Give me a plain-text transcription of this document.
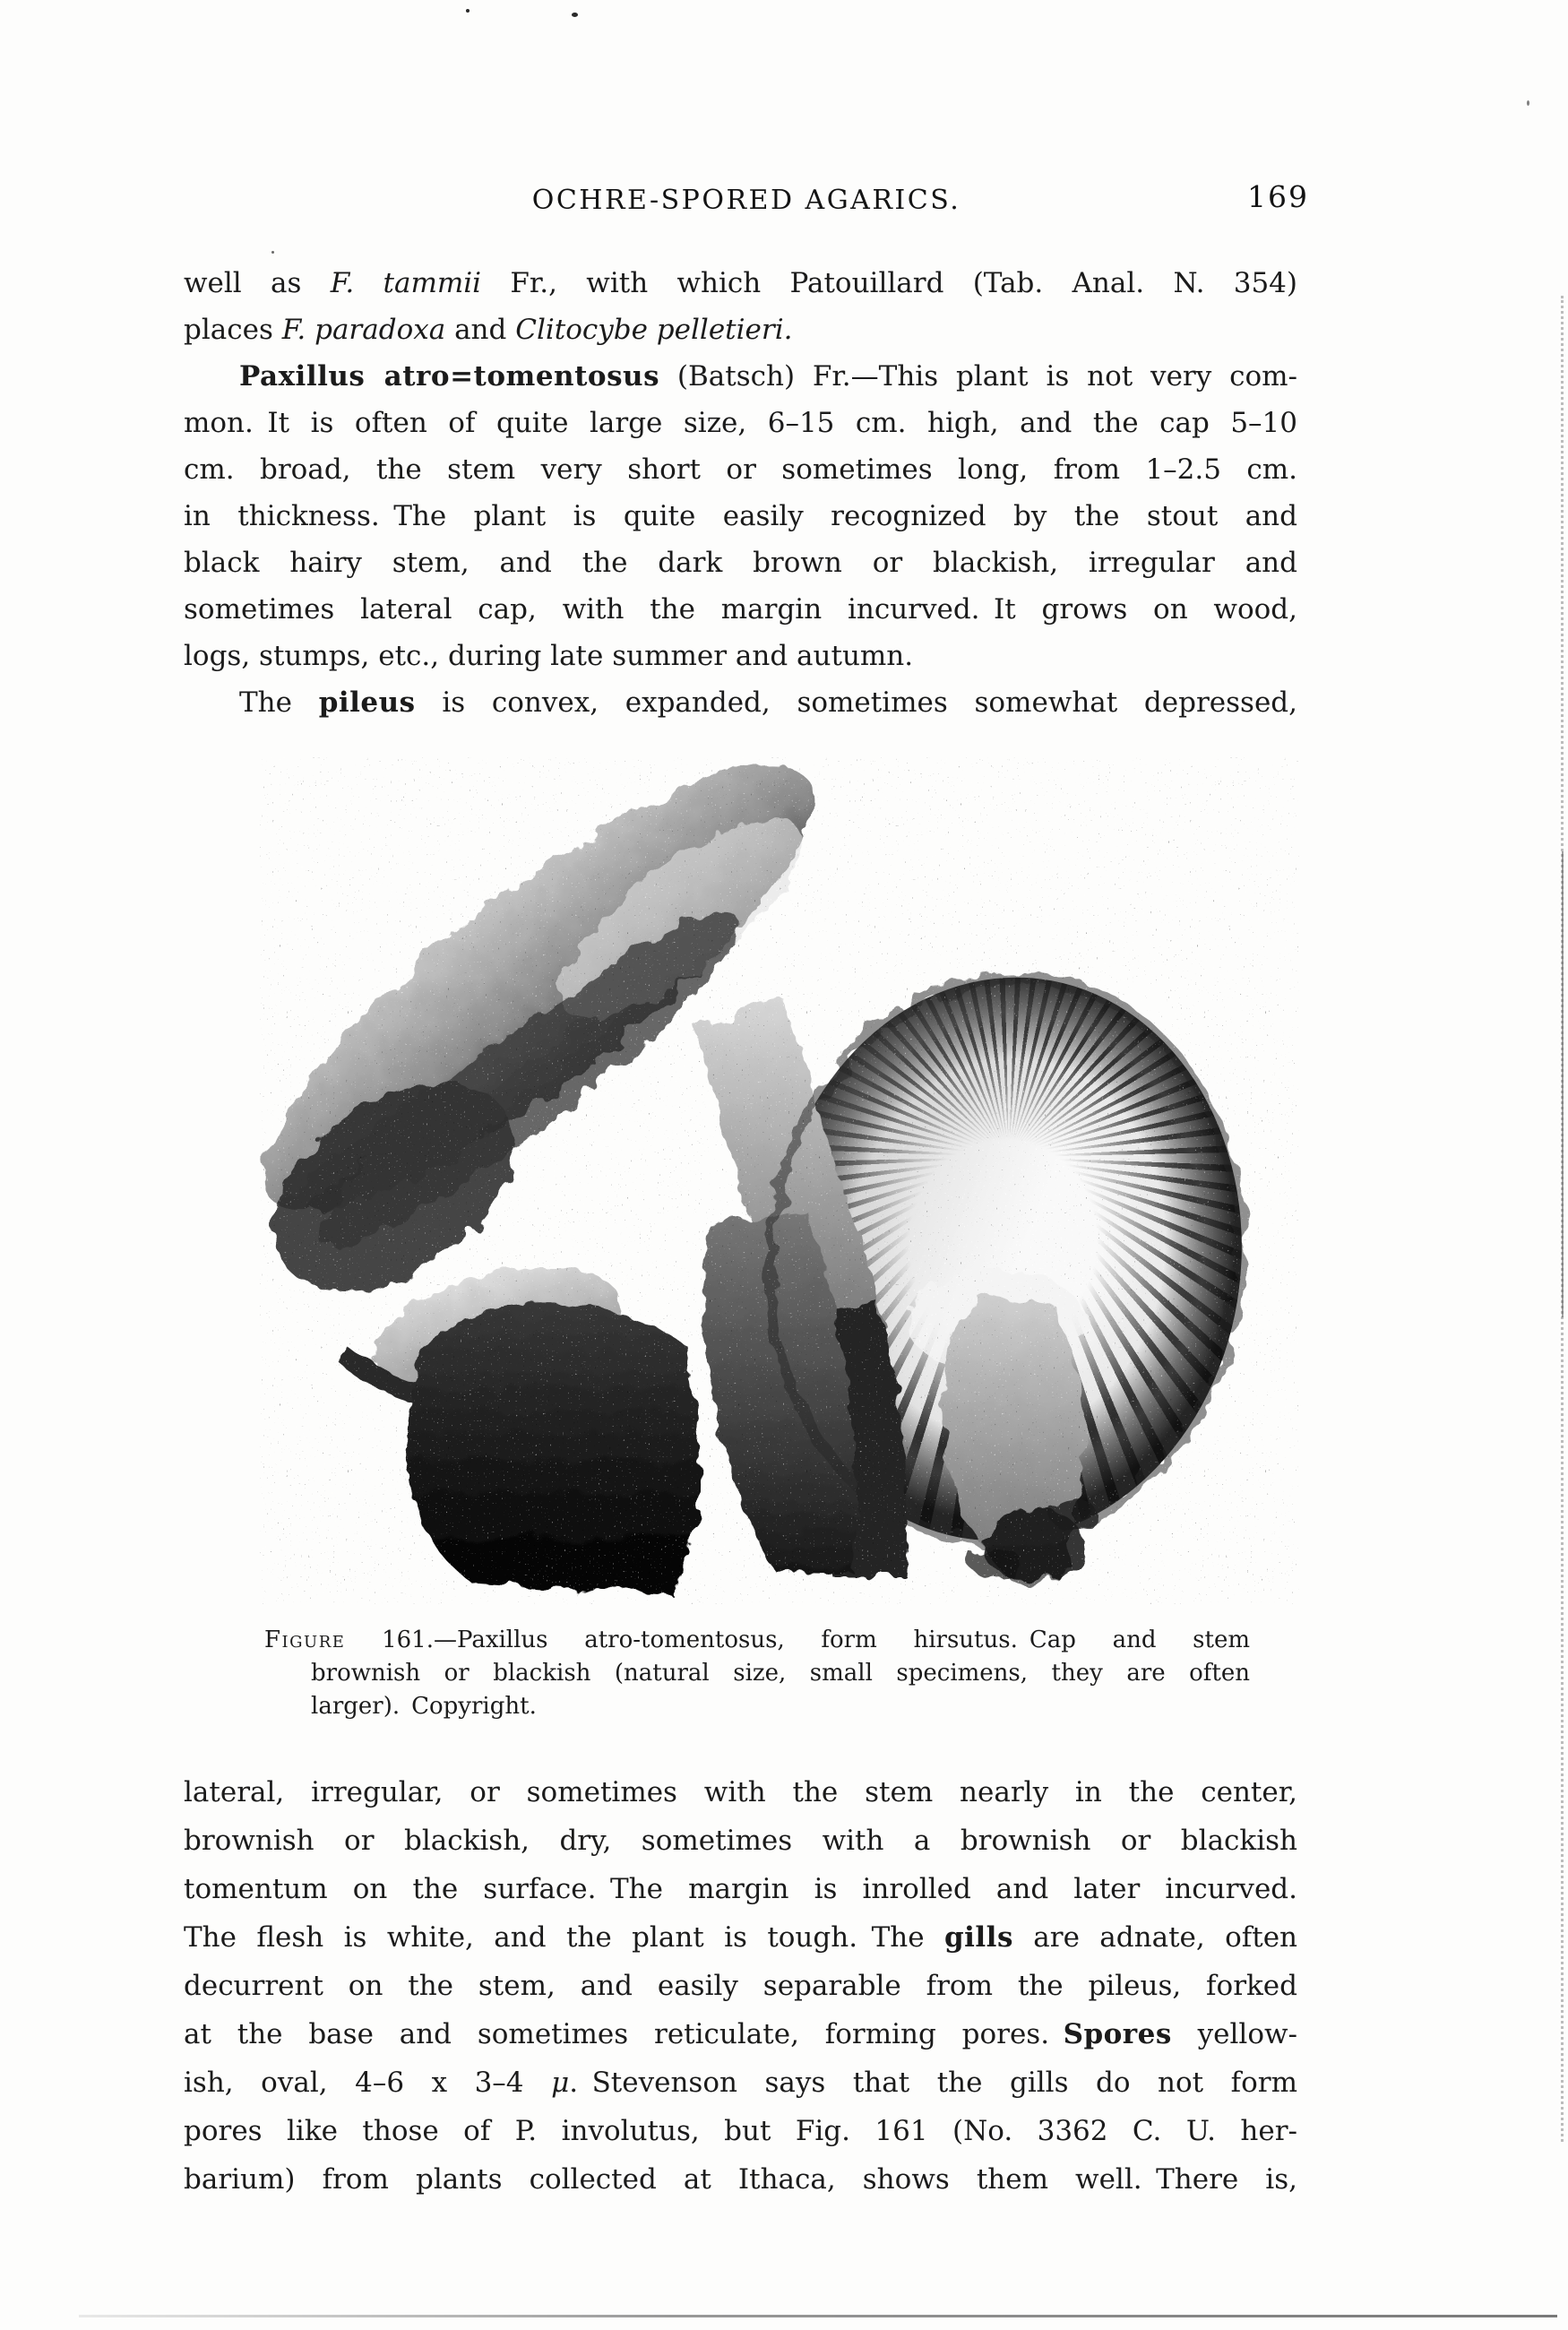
OCHRE-SPORED AGARICS.	169
well as F. tammii Fr., with which Patouillard (Tab. Anal. N. 354)
places F. paradoxa and Clitocybe pelletieri.
Paxillus atro=tomentosus (Batsch) Fr.—This plant is not very com-
mon. It is often of quite large size, 6–15 cm. high, and the cap 5–10
cm. broad, the stem very short or sometimes long, from 1–2.5 cm.
in thickness. The plant is quite easily recognized by the stout and
black hairy stem, and the dark brown or blackish, irregular and
sometimes lateral cap, with the margin incurved. It grows on wood,
logs, stumps, etc., during late summer and autumn.
The pileus is convex, expanded, sometimes somewhat depressed,
Figure 161.—Paxillus atro-tomentosus, form hirsutus. Cap and stem
brownish or blackish (natural size, small specimens, they are often
larger). Copyright.
lateral, irregular, or sometimes with the stem nearly in the center,
brownish or blackish, dry, sometimes with a brownish or blackish
tomentum on the surface. The margin is inrolled and later incurved.
The flesh is white, and the plant is tough. The gills are adnate, often
decurrent on the stem, and easily separable from the pileus, forked
at the base and sometimes reticulate, forming pores. Spores yellow-
ish, oval, 4–6 x 3–4 μ. Stevenson says that the gills do not form
pores like those of P. involutus, but Fig. 161 (No. 3362 C. U. her-
barium) from plants collected at Ithaca, shows them well. There is,
